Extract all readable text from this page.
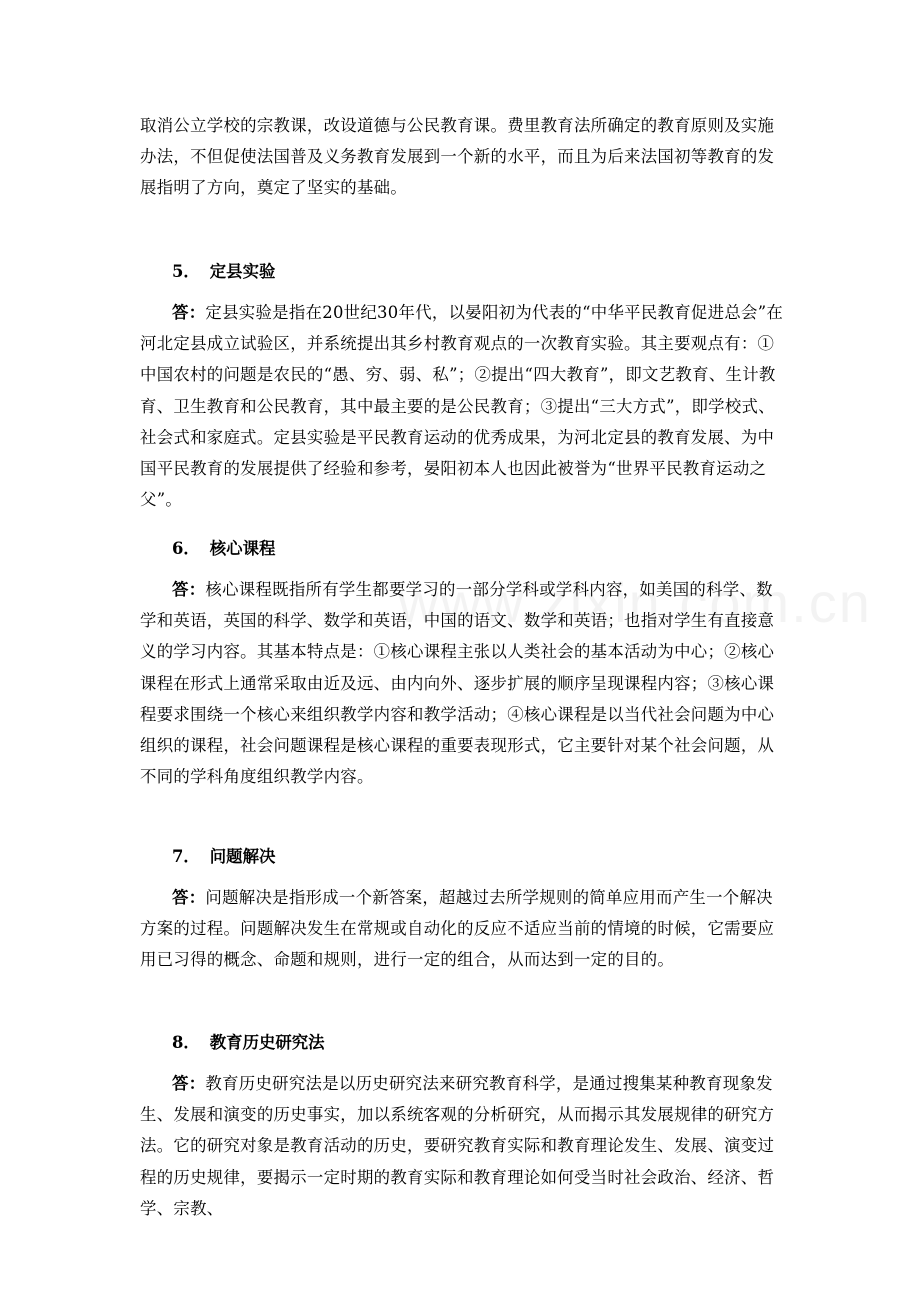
取消公立学校的宗教课，改设道德与公民教育课。费里教育法所确定的教育原则及实施办法，不但促使法国普及义务教育发展到一个新的水平，而且为后来法国初等教育的发展指明了方向，奠定了坚实的基础。

5． 定县实验

答：定县实验是指在20世纪30年代，以晏阳初为代表的“中华平民教育促进总会”在河北定县成立试验区，并系统提出其乡村教育观点的一次教育实验。其主要观点有：①中国农村的问题是农民的“愚、穷、弱、私”；②提出“四大教育”，即文艺教育、生计教育、卫生教育和公民教育，其中最主要的是公民教育；③提出“三大方式”，即学校式、社会式和家庭式。定县实验是平民教育运动的优秀成果，为河北定县的教育发展、为中国平民教育的发展提供了经验和参考，晏阳初本人也因此被誉为“世界平民教育运动之父”。

6． 核心课程

答：核心课程既指所有学生都要学习的一部分学科或学科内容，如美国的科学、数学和英语，英国的科学、数学和英语，中国的语文、数学和英语；也指对学生有直接意义的学习内容。其基本特点是：①核心课程主张以人类社会的基本活动为中心；②核心课程在形式上通常采取由近及远、由内向外、逐步扩展的顺序呈现课程内容；③核心课程要求围绕一个核心来组织教学内容和教学活动；④核心课程是以当代社会问题为中心组织的课程，社会问题课程是核心课程的重要表现形式，它主要针对某个社会问题，从不同的学科角度组织教学内容。

7． 问题解决

答：问题解决是指形成一个新答案，超越过去所学规则的简单应用而产生一个解决方案的过程。问题解决发生在常规或自动化的反应不适应当前的情境的时候，它需要应用已习得的概念、命题和规则，进行一定的组合，从而达到一定的目的。

8． 教育历史研究法

答：教育历史研究法是以历史研究法来研究教育科学，是通过搜集某种教育现象发生、发展和演变的历史事实，加以系统客观的分析研究，从而揭示其发展规律的研究方法。它的研究对象是教育活动的历史，要研究教育实际和教育理论发生、发展、演变过程的历史规律，要揭示一定时期的教育实际和教育理论如何受当时社会政治、经济、哲学、宗教、
